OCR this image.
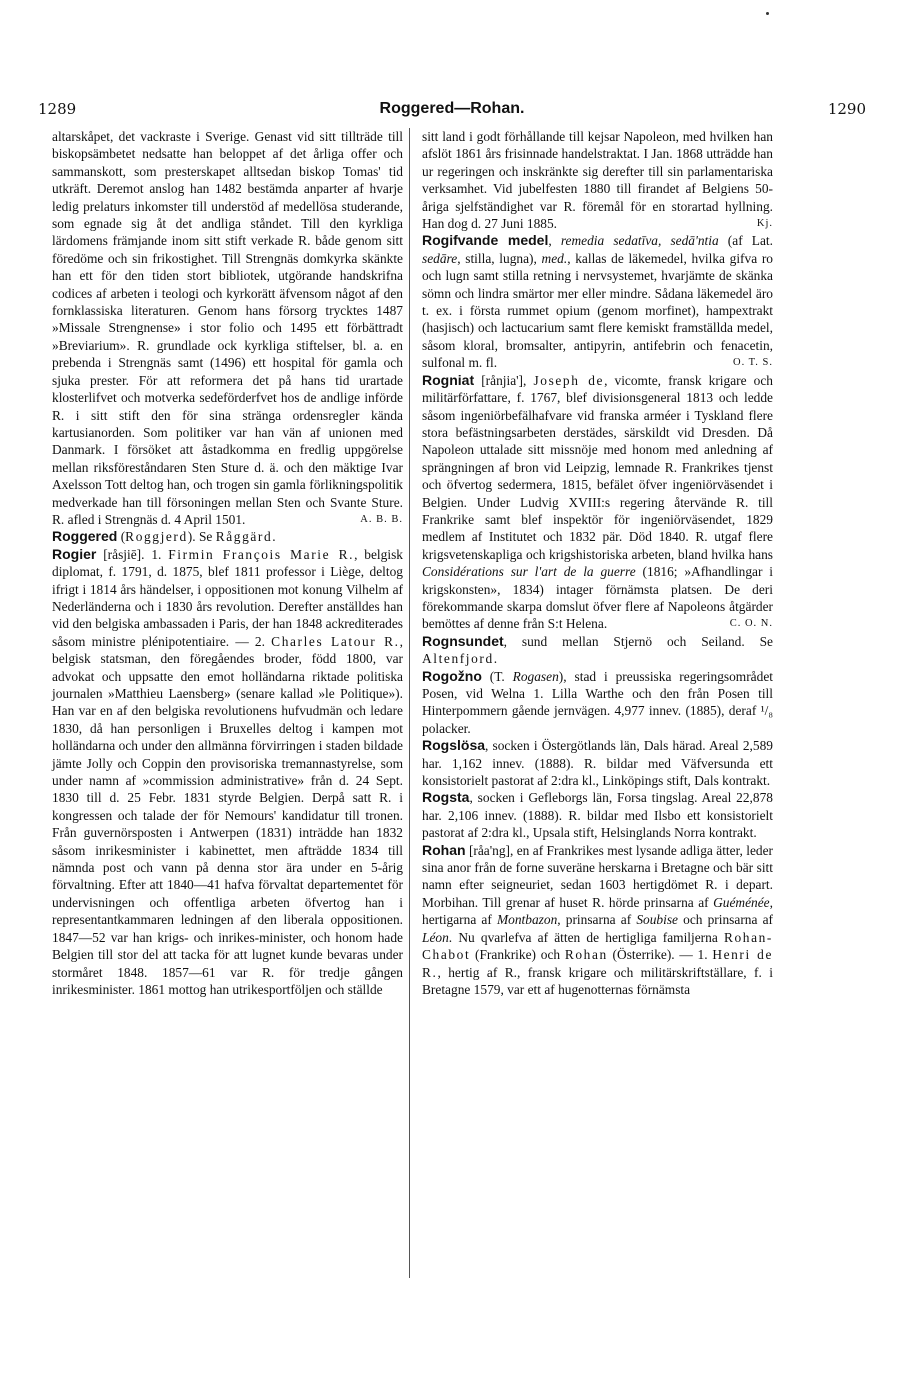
1289	Roggered—Rohan.	1290

altarskåpet, det vackraste i Sverige. Genast vid sitt tillträde till biskopsämbetet nedsatte han beloppet af det årliga offer och sammanskott, som presterskapet alltsedan biskop Tomas' tid utkräft. Deremot anslog han 1482 bestämda anparter af hvarje ledig prelaturs inkomster till understöd af medellösa studerande, som egnade sig åt det andliga ståndet. Till den kyrkliga lärdomens främjande inom sitt stift verkade R. både genom sitt föredöme och sin frikostighet. Till Strengnäs domkyrka skänkte han ett för den tiden stort bibliotek, utgörande handskrifna codices af arbeten i teologi och kyrkorätt äfvensom något af den fornklassiska literaturen. Genom hans försorg trycktes 1487 »Missale Strengnense» i stor folio och 1495 ett förbättradt »Breviarium». R. grundlade ock kyrkliga stiftelser, bl. a. en prebenda i Strengnäs samt (1496) ett hospital för gamla och sjuka prester. För att reformera det på hans tid urartade klosterlifvet och motverka sedeförderfvet hos de andlige införde R. i sitt stift den för sina stränga ordensregler kända kartusianorden. Som politiker var han vän af unionen med Danmark. I försöket att åstadkomma en fredlig uppgörelse mellan riksföreståndaren Sten Sture d. ä. och den mäktige Ivar Axelsson Tott deltog han, och trogen sin gamla förlikningspolitik medverkade han till försoningen mellan Sten och Svante Sture. R. afled i Strengnäs d. 4 April 1501.	A. B. B.

Roggered (Roggjerd). Se Råggärd.

Rogier [råsjiē]. 1. Firmin François Marie R., belgisk diplomat, f. 1791, d. 1875, blef 1811 professor i Liège, deltog ifrigt i 1814 års händelser, i oppositionen mot konung Vilhelm af Nederländerna och i 1830 års revolution. Derefter anställdes han vid den belgiska ambassaden i Paris, der han 1848 ackrediterades såsom ministre plénipotentiaire. — 2. Charles Latour R., belgisk statsman, den föregåendes broder, född 1800, var advokat och uppsatte den emot holländarna riktade politiska journalen »Matthieu Laensberg» (senare kallad »le Politique»). Han var en af den belgiska revolutionens hufvudmän och ledare 1830, då han personligen i Bruxelles deltog i kampen mot holländarna och under den allmänna förvirringen i staden bildade jämte Jolly och Coppin den provisoriska tremannastyrelse, som under namn af »commission administrative» från d. 24 Sept. 1830 till d. 25 Febr. 1831 styrde Belgien. Derpå satt R. i kongressen och talade der för Nemours' kandidatur till tronen. Från guvernörsposten i Antwerpen (1831) inträdde han 1832 såsom inrikesminister i kabinettet, men afträdde 1834 till nämnda post och vann på denna stor ära under en 5-årig förvaltning. Efter att 1840—41 hafva förvaltat departementet för undervisningen och offentliga arbeten öfvertog han i representantkammaren ledningen af den liberala oppositionen. 1847—52 var han krigs- och inrikes-minister, och honom hade Belgien till stor del att tacka för att lugnet kunde bevaras under stormåret 1848. 1857—61 var R. för tredje gången inrikesminister. 1861 mottog han utrikesportföljen och ställde

sitt land i godt förhållande till kejsar Napoleon, med hvilken han afslöt 1861 års frisinnade handelstraktat. I Jan. 1868 utträdde han ur regeringen och inskränkte sig derefter till sin parlamentariska verksamhet. Vid jubelfesten 1880 till firandet af Belgiens 50-åriga sjelfständighet var R. föremål för en storartad hyllning. Han dog d. 27 Juni 1885.	Kj.

Rogifvande medel, remedia sedatīva, sedā'ntia (af Lat. sedāre, stilla, lugna), med., kallas de läkemedel, hvilka gifva ro och lugn samt stilla retning i nervsystemet, hvarjämte de skänka sömn och lindra smärtor mer eller mindre. Sådana läkemedel äro t. ex. i första rummet opium (genom morfinet), hampextrakt (hasjisch) och lactucarium samt flere kemiskt framställda medel, såsom kloral, bromsalter, antipyrin, antifebrin och fenacetin, sulfonal m. fl.	O. T. S.

Rogniat [rånjia'], Joseph de, vicomte, fransk krigare och militärförfattare, f. 1767, blef divisionsgeneral 1813 och ledde såsom ingeniörbefälhafvare vid franska arméer i Tyskland flere stora befästningsarbeten derstädes, särskildt vid Dresden. Då Napoleon uttalade sitt missnöje med honom med anledning af sprängningen af bron vid Leipzig, lemnade R. Frankrikes tjenst och öfvertog sedermera, 1815, befälet öfver ingeniörväsendet i Belgien. Under Ludvig XVIII:s regering återvände R. till Frankrike samt blef inspektör för ingeniörväsendet, 1829 medlem af Institutet och 1832 pär. Död 1840. R. utgaf flere krigsvetenskapliga och krigshistoriska arbeten, bland hvilka hans Considérations sur l'art de la guerre (1816; »Afhandlingar i krigskonsten», 1834) intager förnämsta platsen. De deri förekommande skarpa domslut öfver flere af Napoleons åtgärder bemöttes af denne från S:t Helena.	C. O. N.

Rognsundet, sund mellan Stjernö och Seiland. Se Altenfjord.

Rogožno (T. Rogasen), stad i preussiska regeringsområdet Posen, vid Welna 1. Lilla Warthe och den från Posen till Hinterpommern gående jernvägen. 4,977 innev. (1885), deraf ¹/₈ polacker.

Rogslösa, socken i Östergötlands län, Dals härad. Areal 2,589 har. 1,162 innev. (1888). R. bildar med Väfversunda ett konsistorielt pastorat af 2:dra kl., Linköpings stift, Dals kontrakt.

Rogsta, socken i Gefleborgs län, Forsa tingslag. Areal 22,878 har. 2,106 innev. (1888). R. bildar med Ilsbo ett konsistorielt pastorat af 2:dra kl., Upsala stift, Helsinglands Norra kontrakt.

Rohan [råa'ng], en af Frankrikes mest lysande adliga ätter, leder sina anor från de forne suveräne herskarna i Bretagne och bär sitt namn efter seigneuriet, sedan 1603 hertigdömet R. i depart. Morbihan. Till grenar af huset R. hörde prinsarna af Guéménée, hertigarna af Montbazon, prinsarna af Soubise och prinsarna af Léon. Nu qvarlefva af ätten de hertigliga familjerna Rohan-Chabot (Frankrike) och Rohan (Österrike). — 1. Henri de R., hertig af R., fransk krigare och militärskriftställare, f. i Bretagne 1579, var ett af hugenotternas förnämsta
